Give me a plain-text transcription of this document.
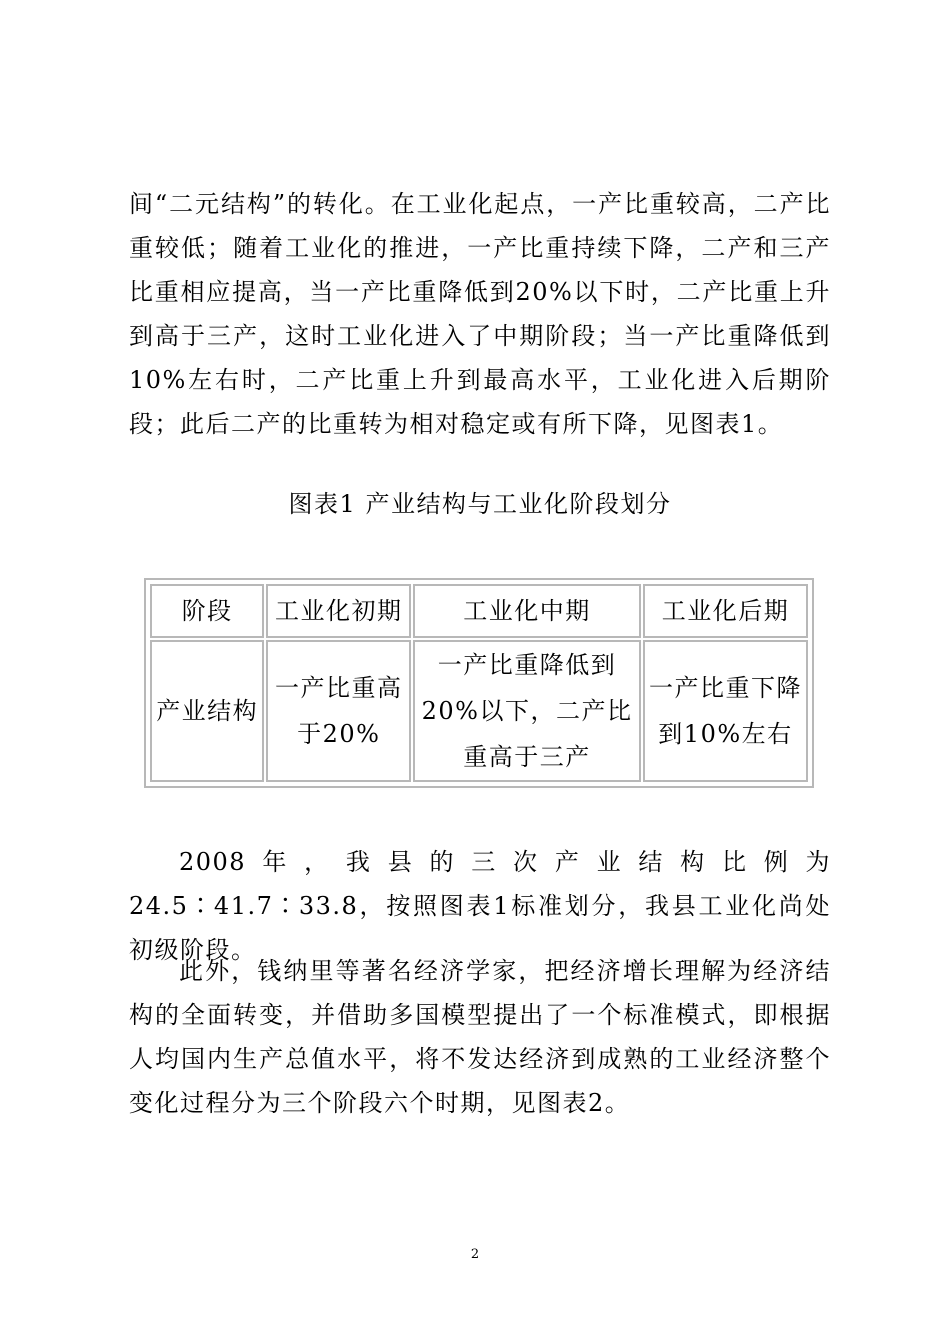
间“二元结构”的转化。在工业化起点，一产比重较高，二产比重较低；随着工业化的推进，一产比重持续下降，二产和三产比重相应提高，当一产比重降低到20%以下时，二产比重上升到高于三产，这时工业化进入了中期阶段；当一产比重降低到10%左右时，二产比重上升到最高水平，工业化进入后期阶段；此后二产的比重转为相对稳定或有所下降，见图表1。

图表1 产业结构与工业化阶段划分

阶段	工业化初期	工业化中期	工业化后期
产业结构	一产比重高于20%	一产比重降低到20%以下，二产比重高于三产	一产比重下降到10%左右

2008年，我县的三次产业结构比例为24.5∶41.7∶33.8，按照图表1标准划分，我县工业化尚处初级阶段。

此外，钱纳里等著名经济学家，把经济增长理解为经济结构的全面转变，并借助多国模型提出了一个标准模式，即根据人均国内生产总值水平，将不发达经济到成熟的工业经济整个变化过程分为三个阶段六个时期，见图表2。

2
